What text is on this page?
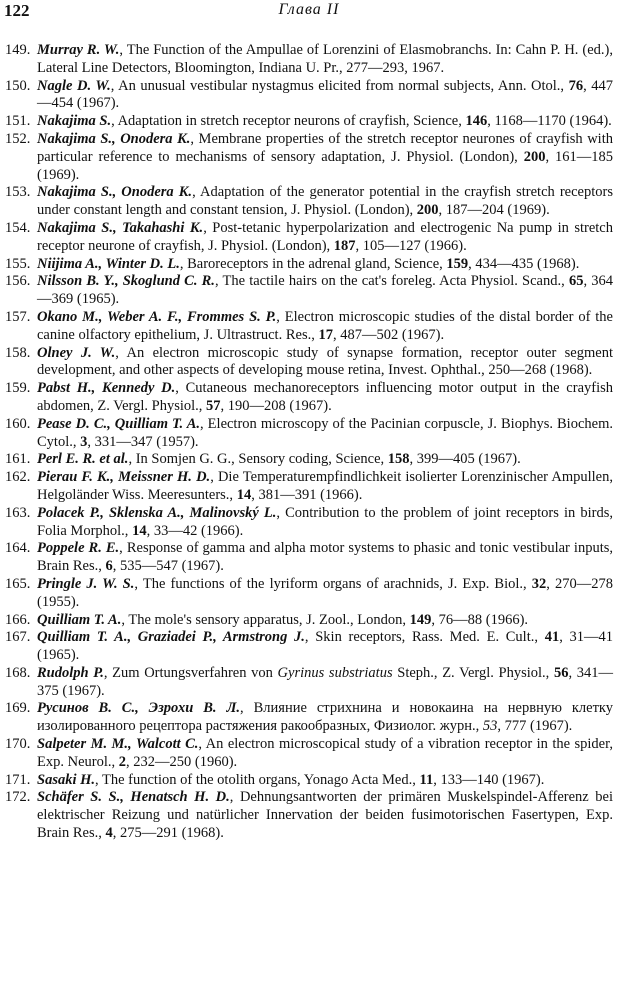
122	Глава II
149. Murray R. W., The Function of the Ampullae of Lorenzini of Elasmobranchs. In: Cahn P. H. (ed.), Lateral Line Detectors, Bloomington, Indiana U. Pr., 277—293, 1967.
150. Nagle D. W., An unusual vestibular nystagmus elicited from normal subjects, Ann. Otol., 76, 447—454 (1967).
151. Nakajima S., Adaptation in stretch receptor neurons of crayfish, Science, 146, 1168—1170 (1964).
152. Nakajima S., Onodera K., Membrane properties of the stretch receptor neurones of crayfish with particular reference to mechanisms of sensory adaptation, J. Physiol. (London), 200, 161—185 (1969).
153. Nakajima S., Onodera K., Adaptation of the generator potential in the crayfish stretch receptors under constant length and constant tension, J. Physiol. (London), 200, 187—204 (1969).
154. Nakajima S., Takahashi K., Post-tetanic hyperpolarization and electrogenic Na pump in stretch receptor neurone of crayfish, J. Physiol. (London), 187, 105—127 (1966).
155. Niijima A., Winter D. L., Baroreceptors in the adrenal gland, Science, 159, 434—435 (1968).
156. Nilsson B. Y., Skoglund C. R., The tactile hairs on the cat's foreleg. Acta Physiol. Scand., 65, 364—369 (1965).
157. Okano M., Weber A. F., Frommes S. P., Electron microscopic studies of the distal border of the canine olfactory epithelium, J. Ultrastruct. Res., 17, 487—502 (1967).
158. Olney J. W., An electron microscopic study of synapse formation, receptor outer segment development, and other aspects of developing mouse retina, Invest. Ophthal., 250—268 (1968).
159. Pabst H., Kennedy D., Cutaneous mechanoreceptors influencing motor output in the crayfish abdomen, Z. Vergl. Physiol., 57, 190—208 (1967).
160. Pease D. C., Quilliam T. A., Electron microscopy of the Pacinian corpuscle, J. Biophys. Biochem. Cytol., 3, 331—347 (1957).
161. Perl E. R. et al., In Somjen G. G., Sensory coding, Science, 158, 399—405 (1967).
162. Pierau F. K., Meissner H. D., Die Temperaturempfindlichkeit isolierter Lorenzinischer Ampullen, Helgoländer Wiss. Meeresunters., 14, 381—391 (1966).
163. Polacek P., Sklenska A., Malinovský L., Contribution to the problem of joint receptors in birds, Folia Morphol., 14, 33—42 (1966).
164. Poppele R. E., Response of gamma and alpha motor systems to phasic and tonic vestibular inputs, Brain Res., 6, 535—547 (1967).
165. Pringle J. W. S., The functions of the lyriform organs of arachnids, J. Exp. Biol., 32, 270—278 (1955).
166. Quilliam T. A., The mole's sensory apparatus, J. Zool., London, 149, 76—88 (1966).
167. Quilliam T. A., Graziadei P., Armstrong J., Skin receptors, Rass. Med. E. Cult., 41, 31—41 (1965).
168. Rudolph P., Zum Ortungsverfahren von Gyrinus substriatus Steph., Z. Vergl. Physiol., 56, 341—375 (1967).
169. Русинов В. С., Эзрохи В. Л., Влияние стрихнина и новокаина на нервную клетку изолированного рецептора растяжения ракообразных, Физиолог. журн., 53, 777 (1967).
170. Salpeter M. M., Walcott C., An electron microscopical study of a vibration receptor in the spider, Exp. Neurol., 2, 232—250 (1960).
171. Sasaki H., The function of the otolith organs, Yonago Acta Med., 11, 133—140 (1967).
172. Schäfer S. S., Henatsch H. D., Dehnungsantworten der primären Muskelspindel-Afferenz bei elektrischer Reizung und natürlicher Innervation der beiden fusimotorischen Fasertypen, Exp. Brain Res., 4, 275—291 (1968).
